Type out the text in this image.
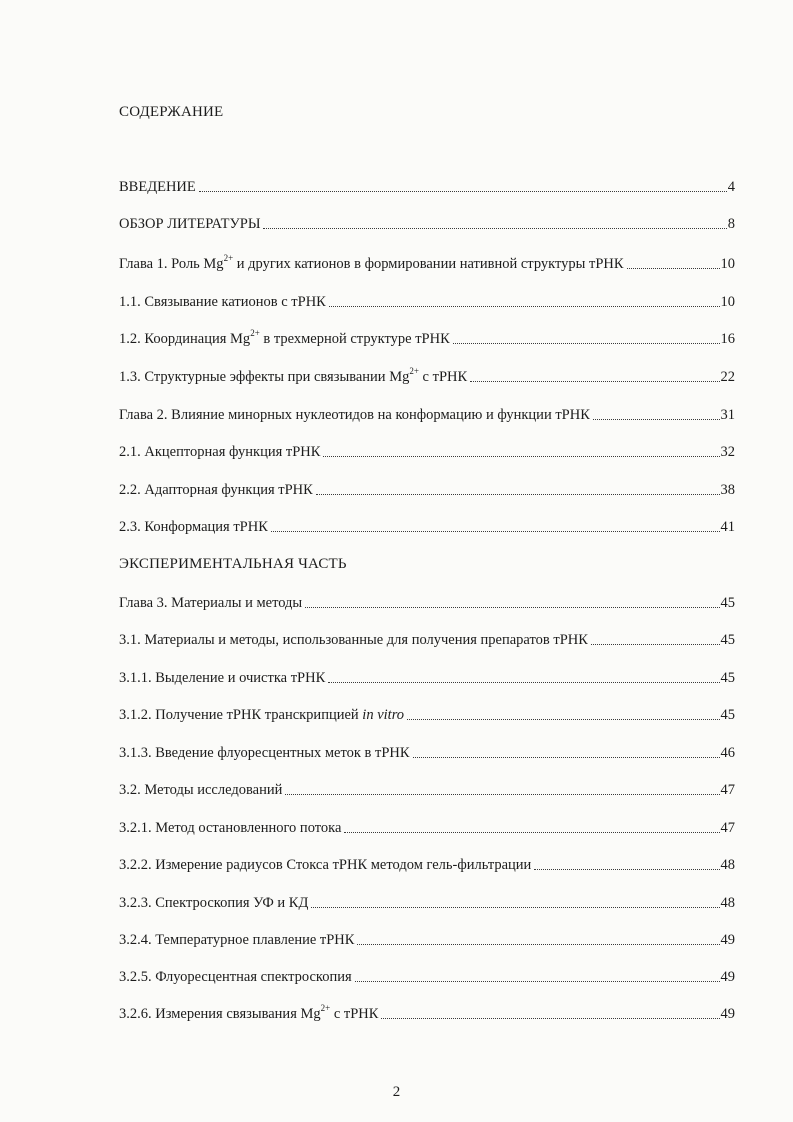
СОДЕРЖАНИЕ
ВВЕДЕНИЕ	4
ОБЗОР ЛИТЕРАТУРЫ	8
Глава 1. Роль $Mg^{2+}$ и других катионов в формировании нативной структуры тРНК	10
1.1. Связывание катионов с тРНК	10
1.2. Координация $Mg^{2+}$ в трехмерной структуре тРНК	16
1.3. Структурные эффекты при связывании $Mg^{2+}$ с тРНК	22
Глава 2. Влияние минорных нуклеотидов на конформацию и функции тРНК	31
2.1. Акцепторная функция тРНК	32
2.2. Адапторная функция тРНК	38
2.3. Конформация тРНК	41
ЭКСПЕРИМЕНТАЛЬНАЯ ЧАСТЬ
Глава 3. Материалы и методы	45
3.1. Материалы и методы, использованные для получения препаратов тРНК	45
3.1.1. Выделение и очистка тРНК	45
3.1.2. Получение тРНК транскрипцией in vitro	45
3.1.3. Введение флуоресцентных меток в тРНК	46
3.2. Методы исследований	47
3.2.1. Метод остановленного потока	47
3.2.2. Измерение радиусов Стокса тРНК методом гель-фильтрации	48
3.2.3. Спектроскопия УФ и КД	48
3.2.4. Температурное плавление тРНК	49
3.2.5. Флуоресцентная спектроскопия	49
3.2.6. Измерения связывания $Mg^{2+}$ с тРНК	49
2
